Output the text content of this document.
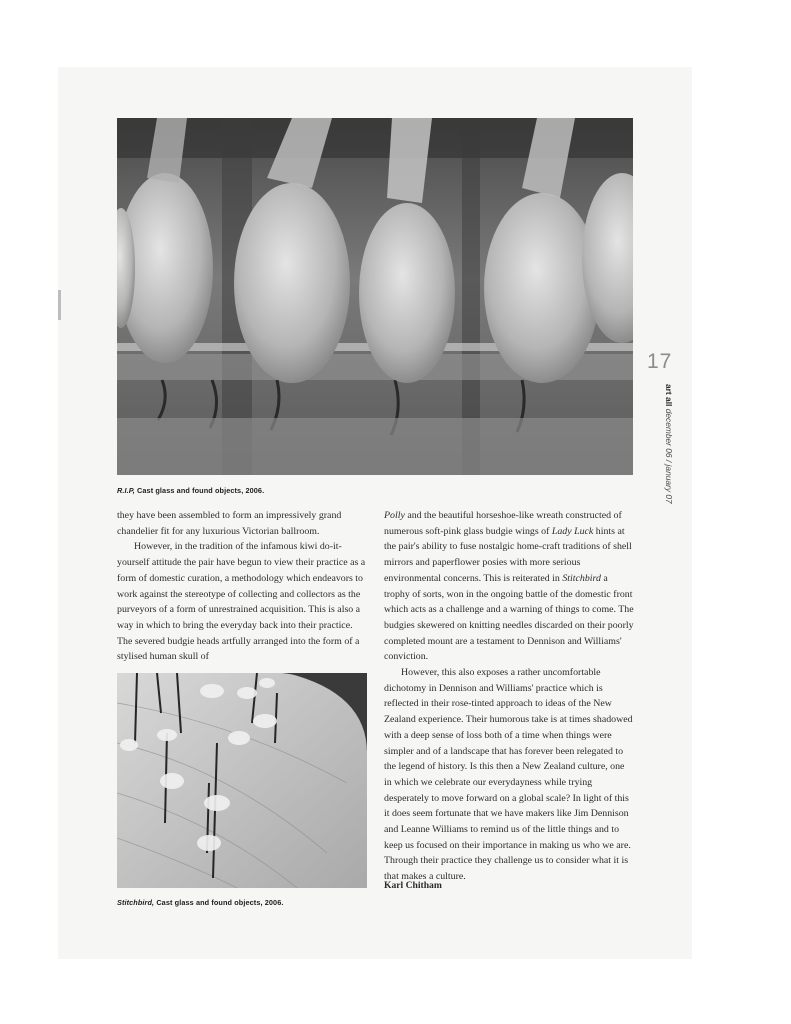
R.I.P, Cast glass and found objects, 2006.

they have been assembled to form an impressively grand chandelier fit for any luxurious Victorian ballroom.

However, in the tradition of the infamous kiwi do-it-yourself attitude the pair have begun to view their practice as a form of domestic curation, a methodology which endeavors to work against the stereotype of collecting and collectors as the purveyors of a form of unrestrained acquisition. This is also a way in which to bring the everyday back into their practice. The severed budgie heads artfully arranged into the form of a stylised human skull of

Stitchbird, Cast glass and found objects, 2006.

Polly and the beautiful horseshoe-like wreath constructed of numerous soft-pink glass budgie wings of Lady Luck hints at the pair's ability to fuse nostalgic home-craft traditions of shell mirrors and paperflower posies with more serious environmental concerns. This is reiterated in Stitchbird a trophy of sorts, won in the ongoing battle of the domestic front which acts as a challenge and a warning of things to come. The budgies skewered on knitting needles discarded on their poorly completed mount are a testament to Dennison and Williams' conviction.

However, this also exposes a rather uncomfortable dichotomy in Dennison and Williams' practice which is reflected in their rose-tinted approach to ideas of the New Zealand experience. Their humorous take is at times shadowed with a deep sense of loss both of a time when things were simpler and of a landscape that has forever been relegated to the legend of history. Is this then a New Zealand culture, one in which we celebrate our everydayness while trying desperately to move forward on a global scale? In light of this it does seem fortunate that we have makers like Jim Dennison and Leanne Williams to remind us of the little things and to keep us focused on their importance in making us who we are. Through their practice they challenge us to consider what it is that makes a culture.

Karl Chitham
17
art all december 06 / january 07
